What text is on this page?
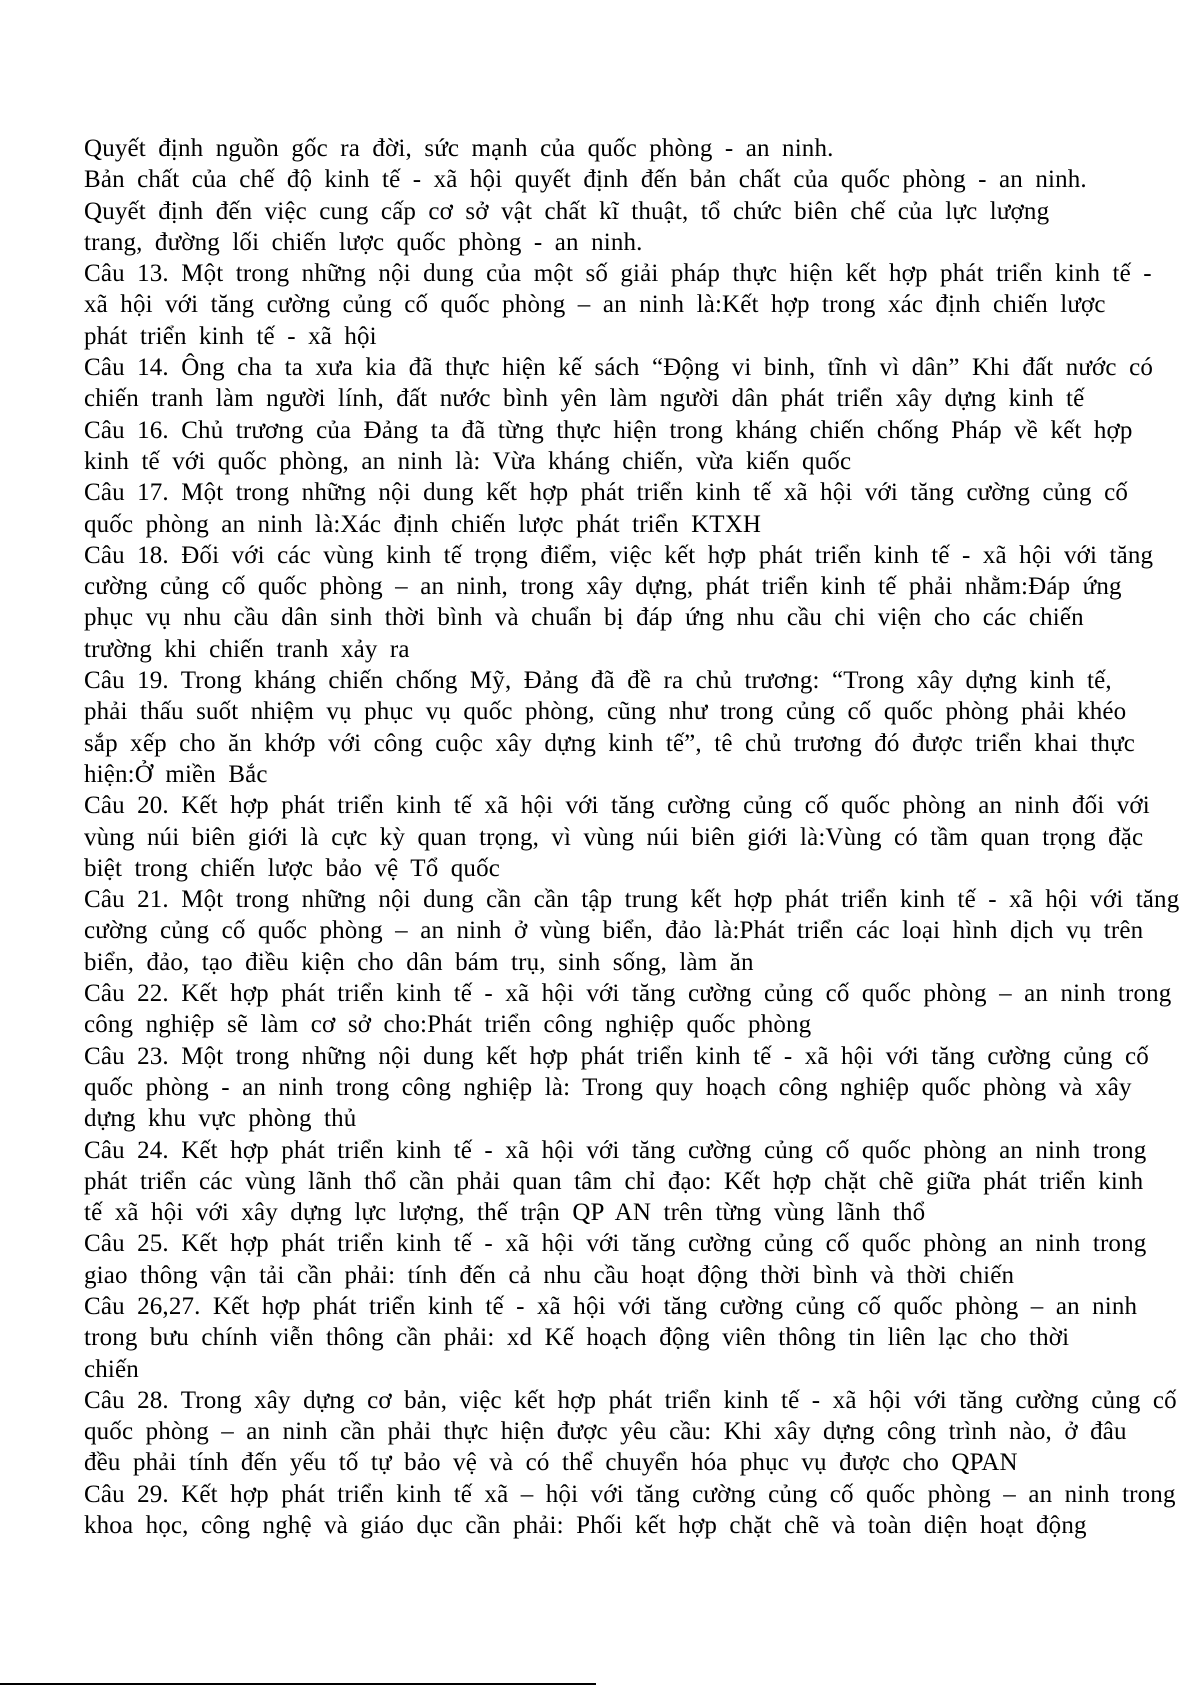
Quyết định nguồn gốc ra đời, sức mạnh của quốc phòng - an ninh.
Bản chất của chế độ kinh tế - xã hội quyết định đến bản chất của quốc phòng - an ninh.
Quyết định đến việc cung cấp cơ sở vật chất kĩ thuật, tổ chức biên chế của lực lượng
trang, đường lối chiến lược quốc phòng - an ninh.
Câu 13. Một trong những nội dung của một số giải pháp thực hiện kết hợp phát triển kinh tế -
xã hội với tăng cường củng cố quốc phòng – an ninh là:Kết hợp trong xác định chiến lược
phát triển kinh tế - xã hội
Câu 14. Ông cha ta xưa kia đã thực hiện kế sách “Động vi binh, tĩnh vì dân” Khi đất nước có
chiến tranh làm người lính, đất nước bình yên làm người dân phát triển xây dựng kinh tế
Câu 16. Chủ trương của Đảng ta đã từng thực hiện trong kháng chiến chống Pháp về kết hợp
kinh tế với quốc phòng, an ninh là: Vừa kháng chiến, vừa kiến quốc
Câu 17. Một trong những nội dung kết hợp phát triển kinh tế xã hội với tăng cường củng cố
quốc phòng an ninh là:Xác định chiến lược phát triển KTXH
Câu 18. Đối với các vùng kinh tế trọng điểm, việc kết hợp phát triển kinh tế - xã hội với tăng
cường củng cố quốc phòng – an ninh, trong xây dựng, phát triển kinh tế phải nhằm:Đáp ứng
phục vụ nhu cầu dân sinh thời bình và chuẩn bị đáp ứng nhu cầu chi viện cho các chiến
trường khi chiến tranh xảy ra
Câu 19. Trong kháng chiến chống Mỹ, Đảng đã đề ra chủ trương: “Trong xây dựng kinh tế,
phải thấu suốt nhiệm vụ phục vụ quốc phòng, cũng như trong củng cố quốc phòng phải khéo
sắp xếp cho ăn khớp với công cuộc xây dựng kinh tế”, tê chủ trương đó được triển khai thực
hiện:Ở miền Bắc
Câu 20. Kết hợp phát triển kinh tế xã hội với tăng cường củng cố quốc phòng an ninh đối với
vùng núi biên giới là cực kỳ quan trọng, vì vùng núi biên giới là:Vùng có tầm quan trọng đặc
biệt trong chiến lược bảo vệ Tổ quốc
Câu 21. Một trong những nội dung cần cần tập trung kết hợp phát triển kinh tế - xã hội với tăng
cường củng cố quốc phòng – an ninh ở vùng biển, đảo là:Phát triển các loại hình dịch vụ trên
biển, đảo, tạo điều kiện cho dân bám trụ, sinh sống, làm ăn
Câu 22. Kết hợp phát triển kinh tế - xã hội với tăng cường củng cố quốc phòng – an ninh trong
công nghiệp sẽ làm cơ sở cho:Phát triển công nghiệp quốc phòng
Câu 23. Một trong những nội dung kết hợp phát triển kinh tế - xã hội với tăng cường củng cố
quốc phòng - an ninh trong công nghiệp là: Trong quy hoạch công nghiệp quốc phòng và xây
dựng khu vực phòng thủ
Câu 24. Kết hợp phát triển kinh tế - xã hội với tăng cường củng cố quốc phòng an ninh trong
phát triển các vùng lãnh thổ cần phải quan tâm chỉ đạo: Kết hợp chặt chẽ giữa phát triển kinh
tế xã hội với xây dựng lực lượng, thế trận QP AN trên từng vùng lãnh thổ
Câu 25. Kết hợp phát triển kinh tế - xã hội với tăng cường củng cố quốc phòng an ninh trong
giao thông vận tải cần phải: tính đến cả nhu cầu hoạt động thời bình và thời chiến
Câu 26,27. Kết hợp phát triển kinh tế - xã hội với tăng cường củng cố quốc phòng – an ninh
trong bưu chính viễn thông cần phải: xd Kế hoạch động viên thông tin liên lạc cho thời
chiến
Câu 28. Trong xây dựng cơ bản, việc kết hợp phát triển kinh tế - xã hội với tăng cường củng cố
quốc phòng – an ninh cần phải thực hiện được yêu cầu: Khi xây dựng công trình nào, ở đâu
đều phải tính đến yếu tố tự bảo vệ và có thể chuyển hóa phục vụ được cho QPAN
Câu 29. Kết hợp phát triển kinh tế xã – hội với tăng cường củng cố quốc phòng – an ninh trong
khoa học, công nghệ và giáo dục cần phải: Phối kết hợp chặt chẽ và toàn diện hoạt động
